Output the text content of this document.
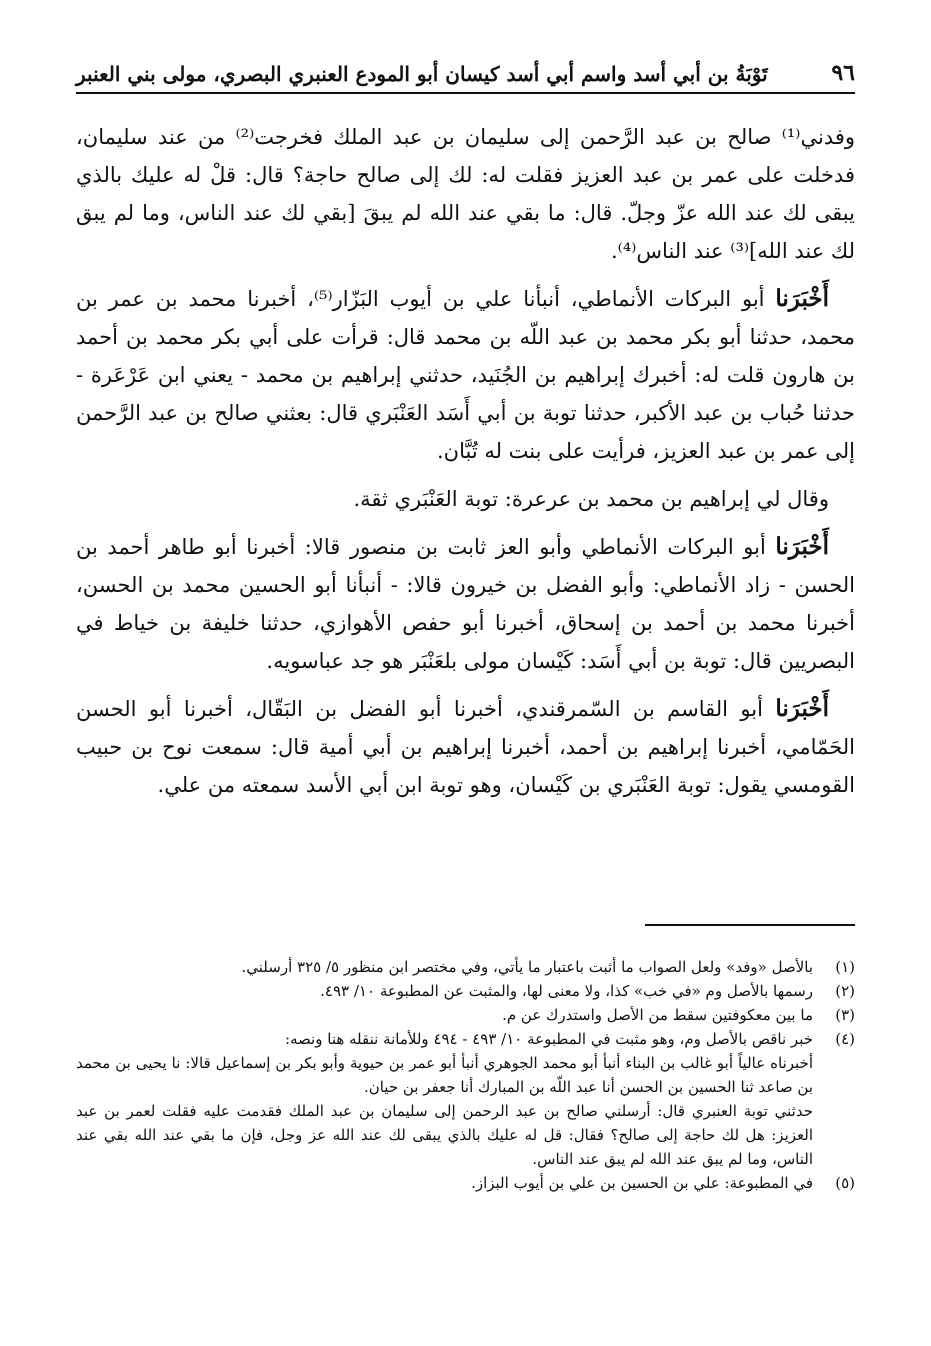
٩٦
تَوْبَةُ بن أبي أسد واسم أبي أسد كيسان أبو المودع العنبري البصري، مولى بني العنبر

وفدني⁽¹⁾ صالح بن عبد الرَّحمن إلى سليمان بن عبد الملك فخرجت⁽²⁾ من عند سليمان، فدخلت على عمر بن عبد العزيز فقلت له: لك إلى صالح حاجة؟ قال: قلْ له عليك بالذي يبقى لك عند الله عزّ وجلّ. قال: ما بقي عند الله لم يبقَ [بقي لك عند الناس، وما لم يبق لك عند الله]⁽³⁾ عند الناس⁽⁴⁾.

أَخْبَرَنا أبو البركات الأنماطي، أنبأنا علي بن أيوب البَزّار⁽⁵⁾، أخبرنا محمد بن عمر بن محمد، حدثنا أبو بكر محمد بن عبد اللّه بن محمد قال: قرأت على أبي بكر محمد بن أحمد بن هارون قلت له: أخبرك إبراهيم بن الجُنَيد، حدثني إبراهيم بن محمد - يعني ابن عَرْعَرة - حدثنا حُباب بن عبد الأكبر، حدثنا توبة بن أبي أَسَد العَنْبَري قال: بعثني صالح بن عبد الرَّحمن إلى عمر بن عبد العزيز، فرأيت على بنت له تُبَّان.

وقال لي إبراهيم بن محمد بن عرعرة: توبة العَنْبَري ثقة.

أَخْبَرَنا أبو البركات الأنماطي وأبو العز ثابت بن منصور قالا: أخبرنا أبو طاهر أحمد بن الحسن - زاد الأنماطي: وأبو الفضل بن خيرون قالا: - أنبأنا أبو الحسين محمد بن الحسن، أخبرنا محمد بن أحمد بن إسحاق، أخبرنا أبو حفص الأهوازي، حدثنا خليفة بن خياط في البصريين قال: توبة بن أبي أَسَد: كَيْسان مولى بلعَنْبَر هو جد عباسويه.

أَخْبَرَنا أبو القاسم بن السّمرقندي، أخبرنا أبو الفضل بن البَقّال، أخبرنا أبو الحسن الحَمّامي، أخبرنا إبراهيم بن أحمد، أخبرنا إبراهيم بن أبي أمية قال: سمعت نوح بن حبيب القومسي يقول: توبة العَنْبَري بن كَيْسان، وهو توبة ابن أبي الأسد سمعته من علي.

(١)
بالأصل «وفد» ولعل الصواب ما أثبت باعتبار ما يأتي، وفي مختصر ابن منظور ٥/ ٣٢٥ أرسلني.
(٢)
رسمها بالأصل وم «في خب» كذا، ولا معنى لها، والمثبت عن المطبوعة ١٠/ ٤٩٣.
(٣)
ما بين معكوفتين سقط من الأصل واستدرك عن م.
(٤)

خبر ناقص بالأصل وم، وهو مثبت في المطبوعة ١٠/ ٤٩٣ - ٤٩٤ وللأمانة ننقله هنا ونصه:

أخبرناه عالياً أبو غالب بن البناء أنبأ أبو محمد الجوهري أنبأ أبو عمر بن حيوية وأبو بكر بن إسماعيل قالا: نا يحيى بن محمد بن صاعد ثنا الحسين بن الحسن أنا عبد اللّه بن المبارك أنا جعفر بن حيان.

حدثني توبة العنبري قال: أرسلني صالح بن عبد الرحمن إلى سليمان بن عبد الملك فقدمت عليه فقلت لعمر بن عبد العزيز: هل لك حاجة إلى صالح؟ فقال: قل له عليك بالذي يبقى لك عند الله عز وجل، فإن ما بقي عند الله بقي عند الناس، وما لم يبق عند الله لم يبق عند الناس.

(٥)
في المطبوعة: علي بن الحسين بن علي بن أيوب البزاز.
